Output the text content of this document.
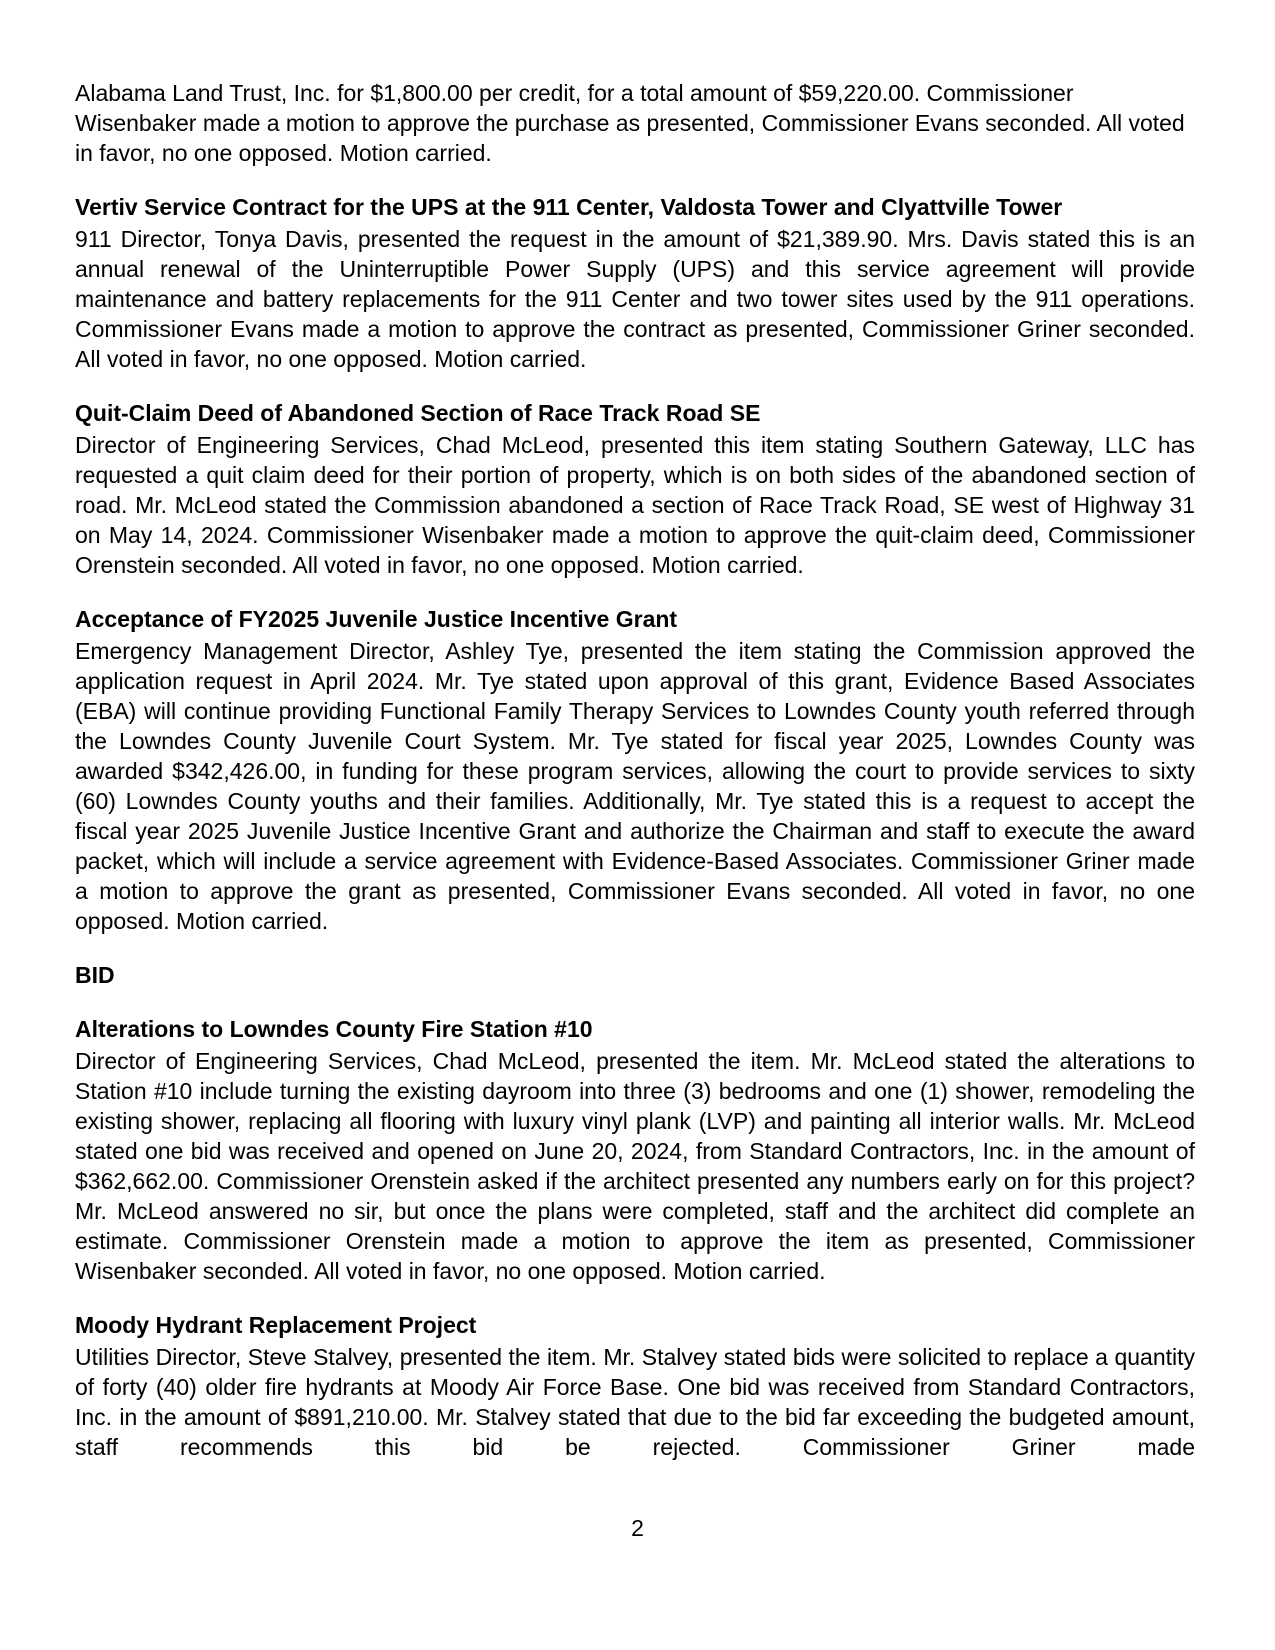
Alabama Land Trust, Inc. for $1,800.00 per credit, for a total amount of $59,220.00. Commissioner Wisenbaker made a motion to approve the purchase as presented, Commissioner Evans seconded. All voted in favor, no one opposed. Motion carried.

Vertiv Service Contract for the UPS at the 911 Center, Valdosta Tower and Clyattville Tower

911 Director, Tonya Davis, presented the request in the amount of $21,389.90. Mrs. Davis stated this is an annual renewal of the Uninterruptible Power Supply (UPS) and this service agreement will provide maintenance and battery replacements for the 911 Center and two tower sites used by the 911 operations. Commissioner Evans made a motion to approve the contract as presented, Commissioner Griner seconded. All voted in favor, no one opposed. Motion carried.

Quit-Claim Deed of Abandoned Section of Race Track Road SE

Director of Engineering Services, Chad McLeod, presented this item stating Southern Gateway, LLC has requested a quit claim deed for their portion of property, which is on both sides of the abandoned section of road. Mr. McLeod stated the Commission abandoned a section of Race Track Road, SE west of Highway 31 on May 14, 2024. Commissioner Wisenbaker made a motion to approve the quit-claim deed, Commissioner Orenstein seconded. All voted in favor, no one opposed. Motion carried.

Acceptance of FY2025 Juvenile Justice Incentive Grant

Emergency Management Director, Ashley Tye, presented the item stating the Commission approved the application request in April 2024. Mr. Tye stated upon approval of this grant, Evidence Based Associates (EBA) will continue providing Functional Family Therapy Services to Lowndes County youth referred through the Lowndes County Juvenile Court System. Mr. Tye stated for fiscal year 2025, Lowndes County was awarded $342,426.00, in funding for these program services, allowing the court to provide services to sixty (60) Lowndes County youths and their families. Additionally, Mr. Tye stated this is a request to accept the fiscal year 2025 Juvenile Justice Incentive Grant and authorize the Chairman and staff to execute the award packet, which will include a service agreement with Evidence-Based Associates. Commissioner Griner made a motion to approve the grant as presented, Commissioner Evans seconded. All voted in favor, no one opposed. Motion carried.

BID
Alterations to Lowndes County Fire Station #10

Director of Engineering Services, Chad McLeod, presented the item. Mr. McLeod stated the alterations to Station #10 include turning the existing dayroom into three (3) bedrooms and one (1) shower, remodeling the existing shower, replacing all flooring with luxury vinyl plank (LVP) and painting all interior walls. Mr. McLeod stated one bid was received and opened on June 20, 2024, from Standard Contractors, Inc. in the amount of $362,662.00. Commissioner Orenstein asked if the architect presented any numbers early on for this project? Mr. McLeod answered no sir, but once the plans were completed, staff and the architect did complete an estimate. Commissioner Orenstein made a motion to approve the item as presented, Commissioner Wisenbaker seconded. All voted in favor, no one opposed. Motion carried.

Moody Hydrant Replacement Project

Utilities Director, Steve Stalvey, presented the item. Mr. Stalvey stated bids were solicited to replace a quantity of forty (40) older fire hydrants at Moody Air Force Base. One bid was received from Standard Contractors, Inc. in the amount of $891,210.00. Mr. Stalvey stated that due to the bid far exceeding the budgeted amount, staff recommends this bid be rejected. Commissioner Griner made

2
